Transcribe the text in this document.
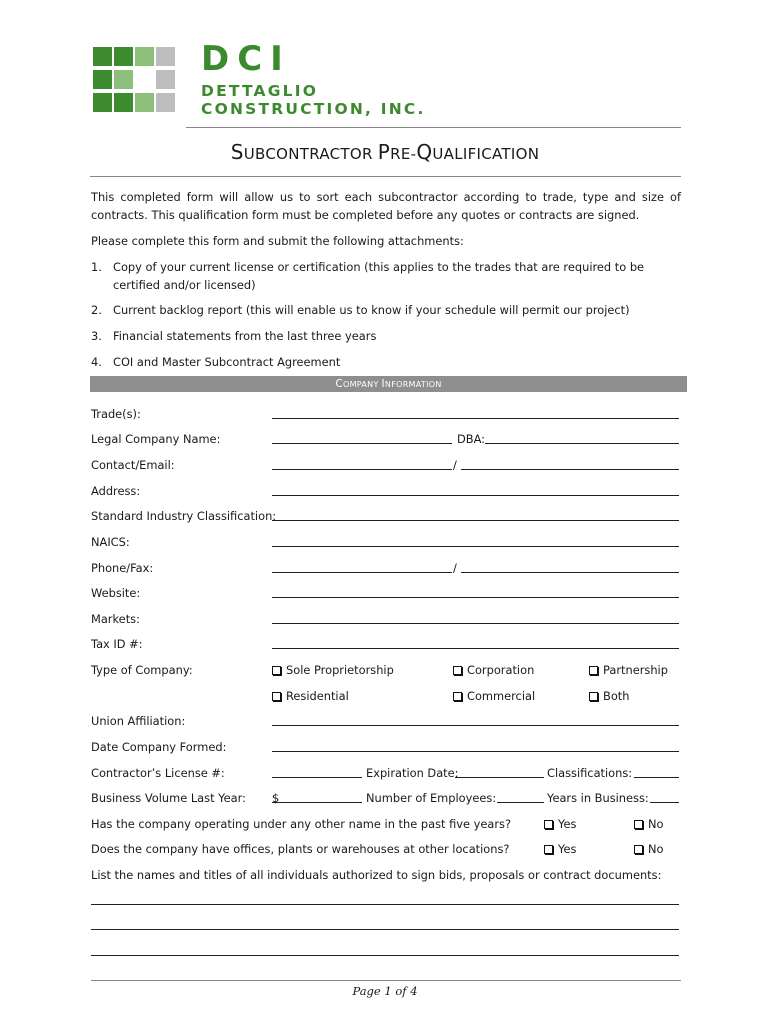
DCI
DETTAGLIO
CONSTRUCTION, INC.
SUBCONTRACTOR PRE-QUALIFICATION
This completed form will allow us to sort each subcontractor according to trade, type and size of contracts. This qualification form must be completed before any quotes or contracts are signed.
Please complete this form and submit the following attachments:
1. Copy of your current license or certification (this applies to the trades that are required to be certified and/or licensed)
2. Current backlog report (this will enable us to know if your schedule will permit our project)
3. Financial statements from the last three years
4. COI and Master Subcontract Agreement
COMPANY INFORMATION
Trade(s):
Legal Company Name:	DBA:
Contact/Email:	/
Address:
Standard Industry Classification:
NAICS:
Phone/Fax:	/
Website:
Markets:
Tax ID #:
Type of Company:	Sole Proprietorship	Corporation	Partnership
Residential	Commercial	Both
Union Affiliation:
Date Company Formed:
Contractor’s License #:	Expiration Date:	Classifications:
Business Volume Last Year: $	Number of Employees:	Years in Business:
Has the company operating under any other name in the past five years?	Yes	No
Does the company have offices, plants or warehouses at other locations?	Yes	No
List the names and titles of all individuals authorized to sign bids, proposals or contract documents:
Page 1 of 4
